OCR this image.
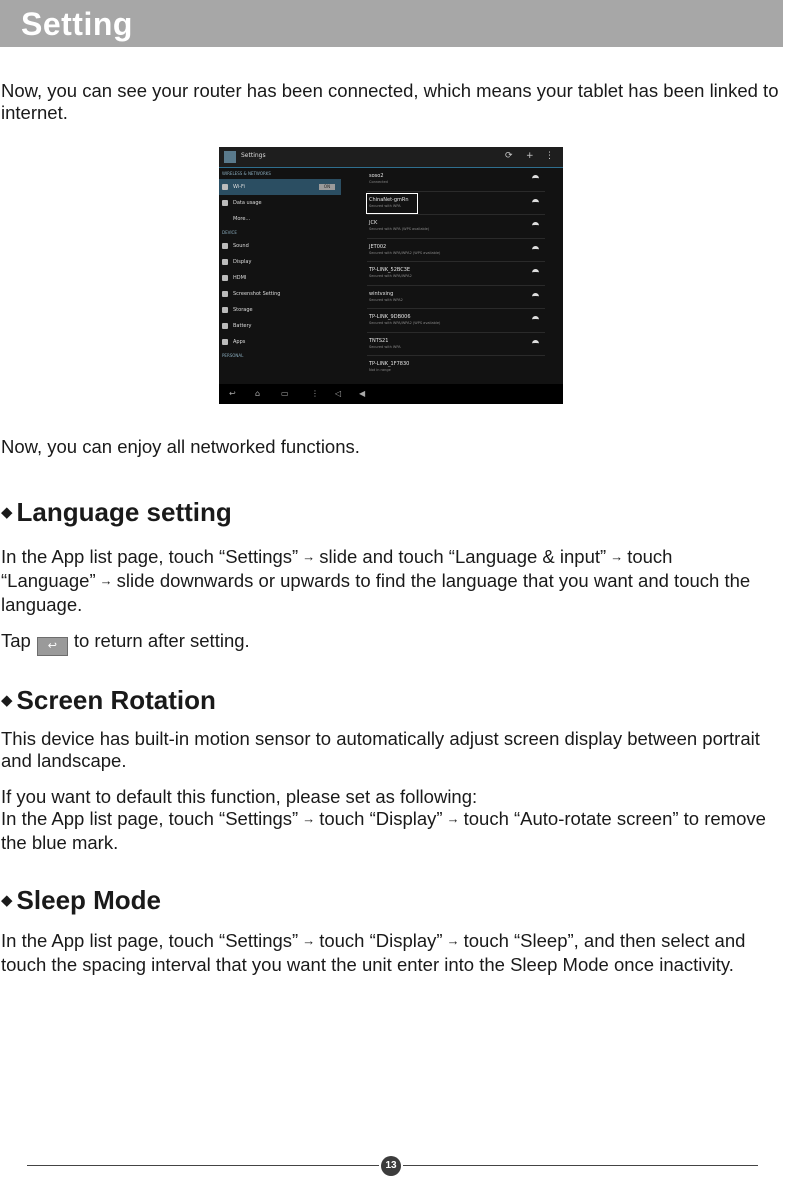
Setting

Now, you can see your router has been connected, which means your tablet has been linked to internet.

Settings	⟳ + ⋮
WIRELESS & NETWORKS
Wi-Fi	ON
Data usage
More...
DEVICE
Sound
Display
HDMI
Screenshot Setting
Storage
Battery
Apps
PERSONAL
soso2
Connected
ChinaNet-gmRn
Secured with WPA
JCK
Secured with WPA (WPS available)
JET002
Secured with WPA/WPA2 (WPS available)
TP-LINK_52BC3E
Secured with WPA/WPA2
wintvxing
Secured with WPA2
TP-LINK_9DB006
Secured with WPA/WPA2 (WPS available)
TNTS21
Secured with WPA
TP-LINK_1F7830
Not in range
↩ ⌂	▭	⋮ ◁ ◀

Now, you can enjoy all networked functions.

◆ Language setting

In the App list page, touch “Settings” → slide and touch “Language & input” → touch “Language” → slide downwards or upwards to find the language that you want and touch the language.

Tap ↩ to return after setting.

◆ Screen Rotation

This device has built-in motion sensor to automatically adjust screen display between portrait and landscape.

If you want to default this function, please set as following:
In the App list page, touch “Settings” → touch “Display” → touch “Auto-rotate screen” to remove the blue mark.

◆ Sleep Mode

In the App list page, touch “Settings” → touch “Display” → touch “Sleep”, and then select and touch the spacing interval that you want the unit enter into the Sleep Mode once inactivity.

13
